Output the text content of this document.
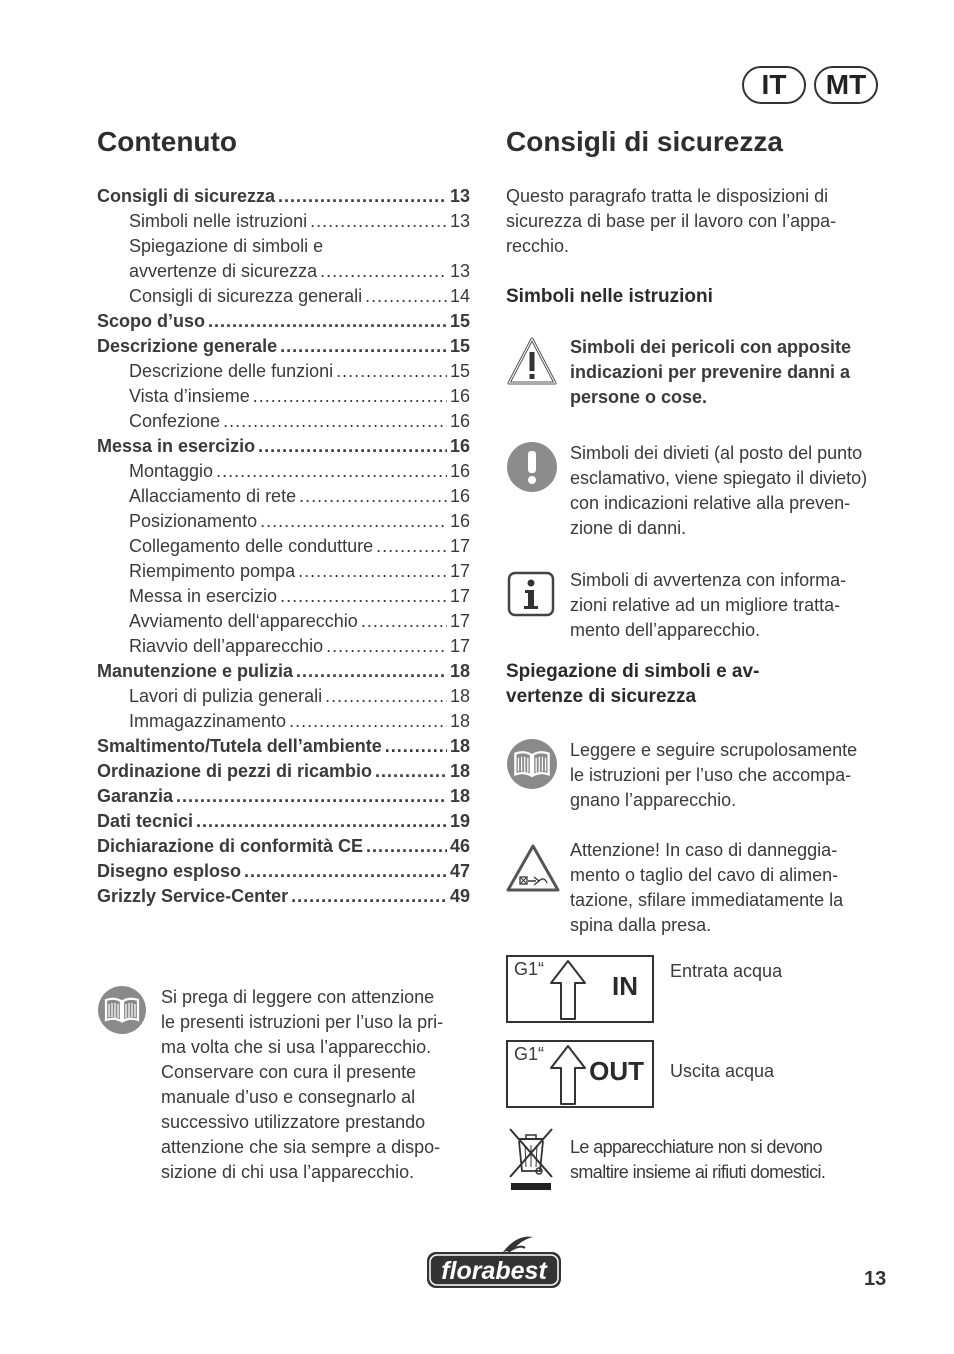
IT	MT
Contenuto
Consigli di sicurezza .....	13
Simboli nelle istruzioni .....	13
Spiegazione di simboli e
avvertenze di sicurezza .....	13
Consigli di sicurezza generali .....	14
Scopo d’uso .....	15
Descrizione generale .....	15
Descrizione delle funzioni .....	15
Vista d’insieme .....	16
Confezione .....	16
Messa in esercizio .....	16
Montaggio .....	16
Allacciamento di rete .....	16
Posizionamento .....	16
Collegamento delle condutture .....	17
Riempimento pompa .....	17
Messa in esercizio .....	17
Avviamento dell‘apparecchio .....	17
Riavvio dell’apparecchio .....	17
Manutenzione e pulizia .....	18
Lavori di pulizia generali .....	18
Immagazzinamento .....	18
Smaltimento/Tutela dell’ambiente .....	18
Ordinazione di pezzi di ricambio .....	18
Garanzia .....	18
Dati tecnici .....	19
Dichiarazione di conformità CE .....	46
Disegno esploso .....	47
Grizzly Service-Center .....	49
Si prega di leggere con attenzione
le presenti istruzioni per l’uso la pri-
ma volta che si usa l’apparecchio.
Conservare con cura il presente
manuale d’uso e consegnarlo al
successivo utilizzatore prestando
attenzione che sia sempre a dispo-
sizione di chi usa l’apparecchio.
Consigli di sicurezza
Questo paragrafo tratta le disposizioni di
sicurezza di base per il lavoro con l’appa-
recchio.
Simboli nelle istruzioni
Simboli dei pericoli con apposite
indicazioni per prevenire danni a
persone o cose.
Simboli dei divieti (al posto del punto
esclamativo, viene spiegato il divieto)
con indicazioni relative alla preven-
zione di danni.
Simboli di avvertenza con informa-
zioni relative ad un migliore tratta-
mento dell’apparecchio.
Spiegazione di simboli e av-
vertenze di sicurezza
Leggere e seguire scrupolosamente
le istruzioni per l’uso che accompa-
gnano l’apparecchio.
Attenzione! In caso di danneggia-
mento o taglio del cavo di alimen-
tazione, sfilare immediatamente la
spina dalla presa.
G1“
IN Entrata acqua
G1“
OUT Uscita acqua
Le apparecchiature non si devono
smaltire insieme ai rifiuti domestici.
florabest	13
